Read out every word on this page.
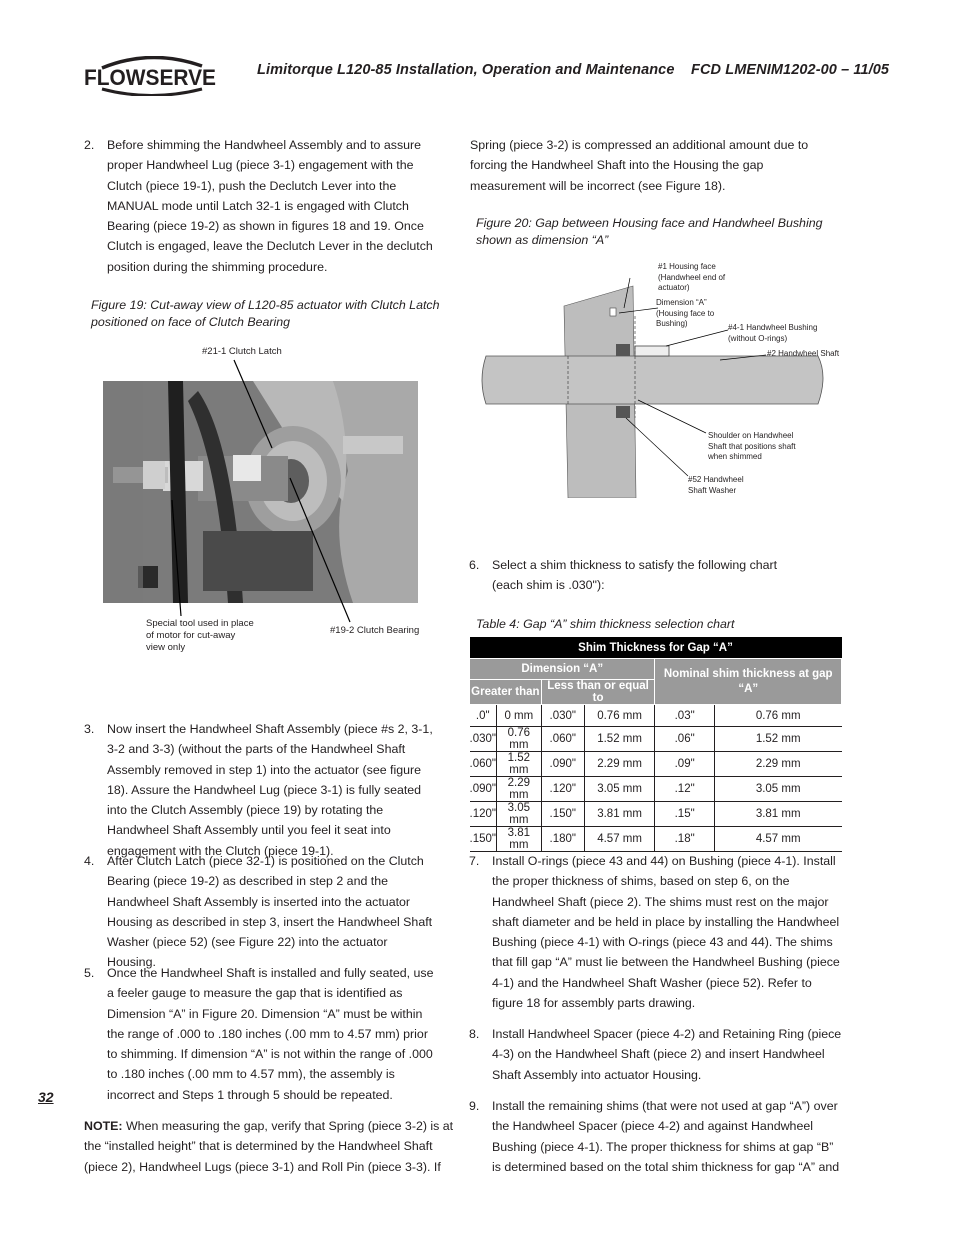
FLOWSERVE	Limitorque L120-85 Installation, Operation and Maintenance    FCD LMENIM1202-00 – 11/05
2. Before shimming the Handwheel Assembly and to assure proper Handwheel Lug (piece 3-1) engagement with the Clutch (piece 19-1), push the Declutch Lever into the MANUAL mode until Latch 32-1 is engaged with Clutch Bearing (piece 19-2) as shown in figures 18 and 19. Once Clutch is engaged, leave the Declutch Lever in the declutch position during the shimming procedure.
Figure 19: Cut-away view of L120-85 actuator with Clutch Latch positioned on face of Clutch Bearing
#21-1 Clutch Latch
Special tool used in place of motor for cut-away view only
#19-2 Clutch Bearing
3. Now insert the Handwheel Shaft Assembly (piece #s 2, 3-1, 3-2 and 3-3) (without the parts of the Handwheel Shaft Assembly removed in step 1) into the actuator (see figure 18). Assure the Handwheel Lug (piece 3-1) is fully seated into the Clutch Assembly (piece 19) by rotating the Handwheel Shaft Assembly until you feel it seat into engagement with the Clutch (piece 19-1).
4. After Clutch Latch (piece 32-1) is positioned on the Clutch Bearing (piece 19-2) as described in step 2 and the Handwheel Shaft Assembly is inserted into the actuator Housing as described in step 3, insert the Handwheel Shaft Washer (piece 52) (see Figure 22) into the actuator Housing.
5. Once the Handwheel Shaft is installed and fully seated, use a feeler gauge to measure the gap that is identified as Dimension “A” in Figure 20. Dimension “A” must be within the range of .000 to .180 inches (.00 mm to 4.57 mm) prior to shimming. If dimension “A” is not within the range of .000 to .180 inches (.00 mm to 4.57 mm), the assembly is incorrect and Steps 1 through 5 should be repeated.
NOTE: When measuring the gap, verify that Spring (piece 3-2) is at the “installed height” that is determined by the Handwheel Shaft (piece 2), Handwheel Lugs (piece 3-1) and Roll Pin (piece 3-3). If
32
Spring (piece 3-2) is compressed an additional amount due to forcing the Handwheel Shaft into the Housing the gap measurement will be incorrect (see Figure 18).
Figure 20: Gap between Housing face and Handwheel Bushing shown as dimension “A”
#1 Housing face (Handwheel end of actuator)
Dimension “A” (Housing face to Bushing)	#4-1 Handwheel Bushing (without O-rings)
#2 Handwheel Shaft
Shoulder on Handwheel Shaft that positions shaft when shimmed
#52 Handwheel Shaft Washer
6. Select a shim thickness to satisfy the following chart (each shim is .030"):
Table 4: Gap “A” shim thickness selection chart
Shim Thickness for Gap “A”					
Dimension “A”				Nominal shim thickness at gap “A”	
Greater than		Less than or equal to			
.0"	0 mm	.030"	0.76 mm	.03"	0.76 mm
.030"	0.76 mm	.060"	1.52 mm	.06"	1.52 mm
.060"	1.52 mm	.090"	2.29 mm	.09"	2.29 mm
.090"	2.29 mm	.120"	3.05 mm	.12"	3.05 mm
.120"	3.05 mm	.150"	3.81 mm	.15"	3.81 mm
.150"	3.81 mm	.180"	4.57 mm	.18"	4.57 mm
7. Install O-rings (piece 43 and 44) on Bushing (piece 4-1). Install the proper thickness of shims, based on step 6, on the Handwheel Shaft (piece 2). The shims must rest on the major shaft diameter and be held in place by installing the Handwheel Bushing (piece 4-1) with O-rings (piece 43 and 44). The shims that fill gap “A” must lie between the Handwheel Bushing (piece 4-1) and the Handwheel Shaft Washer (piece 52). Refer to figure 18 for assembly parts drawing.
8. Install Handwheel Spacer (piece 4-2) and Retaining Ring (piece 4-3) on the Handwheel Shaft (piece 2) and insert Handwheel Shaft Assembly into actuator Housing.
9. Install the remaining shims (that were not used at gap “A”) over the Handwheel Spacer (piece 4-2) and against Handwheel Bushing (piece 4-1). The proper thickness for shims at gap “B” is determined based on the total shim thickness for gap “A” and
